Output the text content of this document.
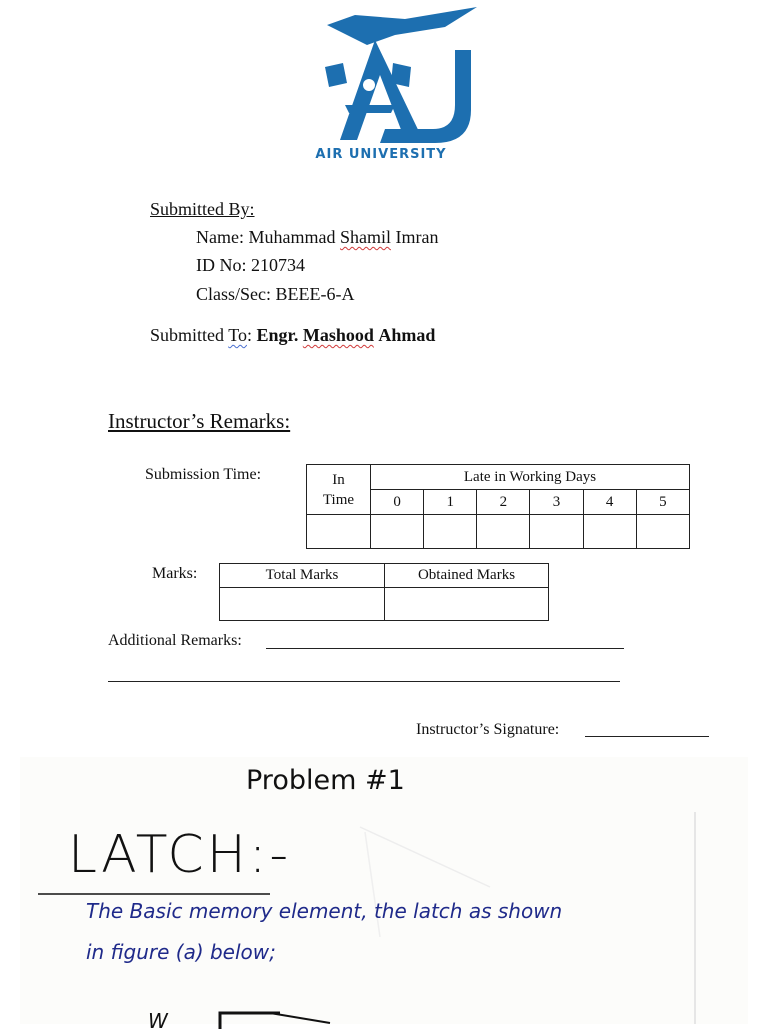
AIR UNIVERSITY
Submitted By:
Name: Muhammad Shamil Imran
ID No: 210734
Class/Sec: BEEE-6-A
Submitted To: Engr. Mashood Ahmad
Instructor’s Remarks:
Submission Time:	In
Time	Late in Working Days					
	0	1	2	3	4	5

Marks:	Total Marks	Obtained Marks

Additional Remarks:
Instructor’s Signature:
Problem #1
LATCH:-
The Basic memory element, the latch as shown
in figure (a) below;
W
